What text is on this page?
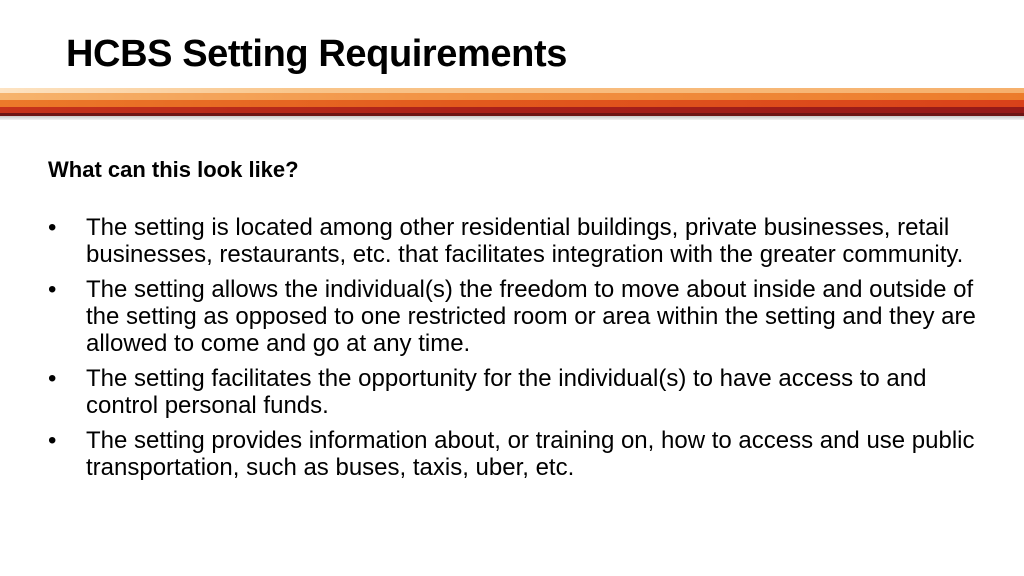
HCBS Setting Requirements

What can this look like?

•	The setting is located among other residential buildings, private businesses, retail businesses, restaurants, etc. that facilitates integration with the greater community.
•	The setting allows the individual(s) the freedom to move about inside and outside of the setting as opposed to one restricted room or area within the setting and they are allowed to come and go at any time.
•	The setting facilitates the opportunity for the individual(s) to have access to and control personal funds.
•	The setting provides information about, or training on, how to access and use public transportation, such as buses, taxis, uber, etc.
